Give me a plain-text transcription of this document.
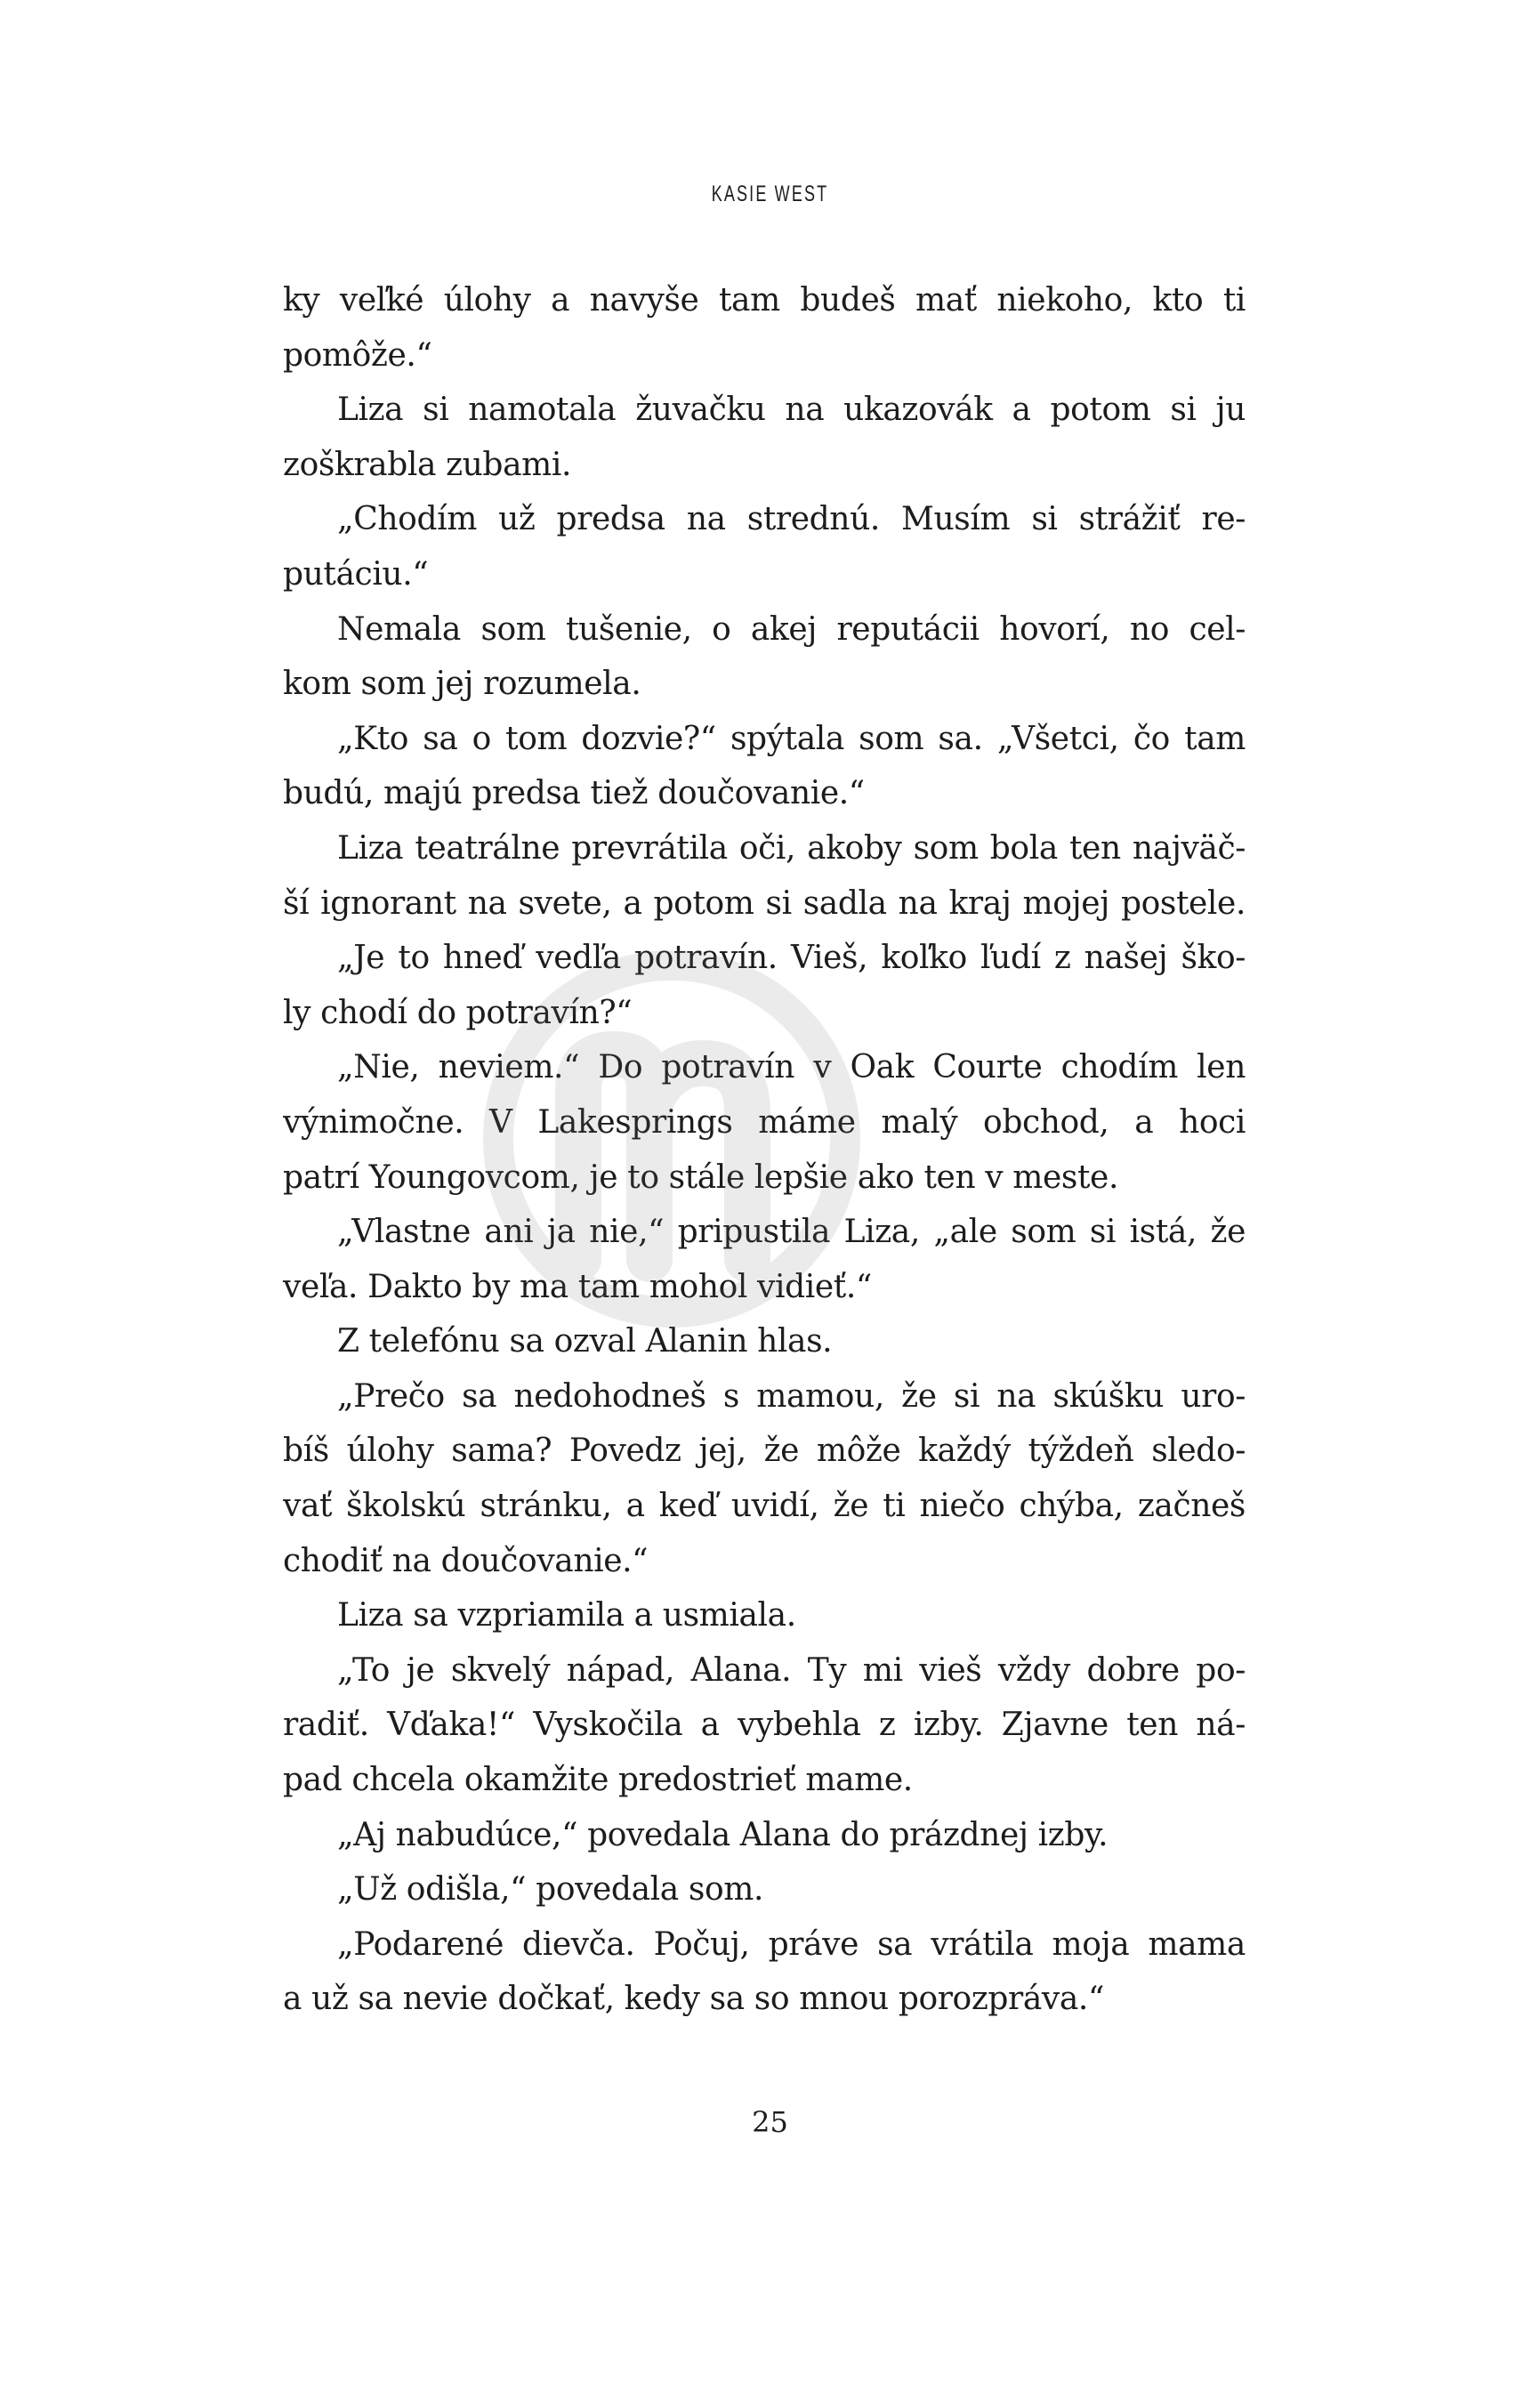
KASIE WEST
ky veľké úlohy a navyše tam budeš mať niekoho, kto ti
pomôže.“
Liza si namotala žuvačku na ukazovák a potom si ju
zoškrabla zubami.
„Chodím už predsa na strednú. Musím si strážiť re-
putáciu.“
Nemala som tušenie, o akej reputácii hovorí, no cel-
kom som jej rozumela.
„Kto sa o tom dozvie?“ spýtala som sa. „Všetci, čo tam
budú, majú predsa tiež doučovanie.“
Liza teatrálne prevrátila oči, akoby som bola ten najväč-
ší ignorant na svete, a potom si sadla na kraj mojej postele.
„Je to hneď vedľa potravín. Vieš, koľko ľudí z našej ško-
ly chodí do potravín?“
„Nie, neviem.“ Do potravín v Oak Courte chodím len
výnimočne. V Lakesprings máme malý obchod, a hoci
patrí Youngovcom, je to stále lepšie ako ten v meste.
„Vlastne ani ja nie,“ pripustila Liza, „ale som si istá, že
veľa. Dakto by ma tam mohol vidieť.“
Z telefónu sa ozval Alanin hlas.
„Prečo sa nedohodneš s mamou, že si na skúšku uro-
bíš úlohy sama? Povedz jej, že môže každý týždeň sledo-
vať školskú stránku, a keď uvidí, že ti niečo chýba, začneš
chodiť na doučovanie.“
Liza sa vzpriamila a usmiala.
„To je skvelý nápad, Alana. Ty mi vieš vždy dobre po-
radiť. Vďaka!“ Vyskočila a vybehla z izby. Zjavne ten ná-
pad chcela okamžite predostrieť mame.
„Aj nabudúce,“ povedala Alana do prázdnej izby.
„Už odišla,“ povedala som.
„Podarené dievča. Počuj, práve sa vrátila moja mama
a už sa nevie dočkať, kedy sa so mnou porozpráva.“
25
